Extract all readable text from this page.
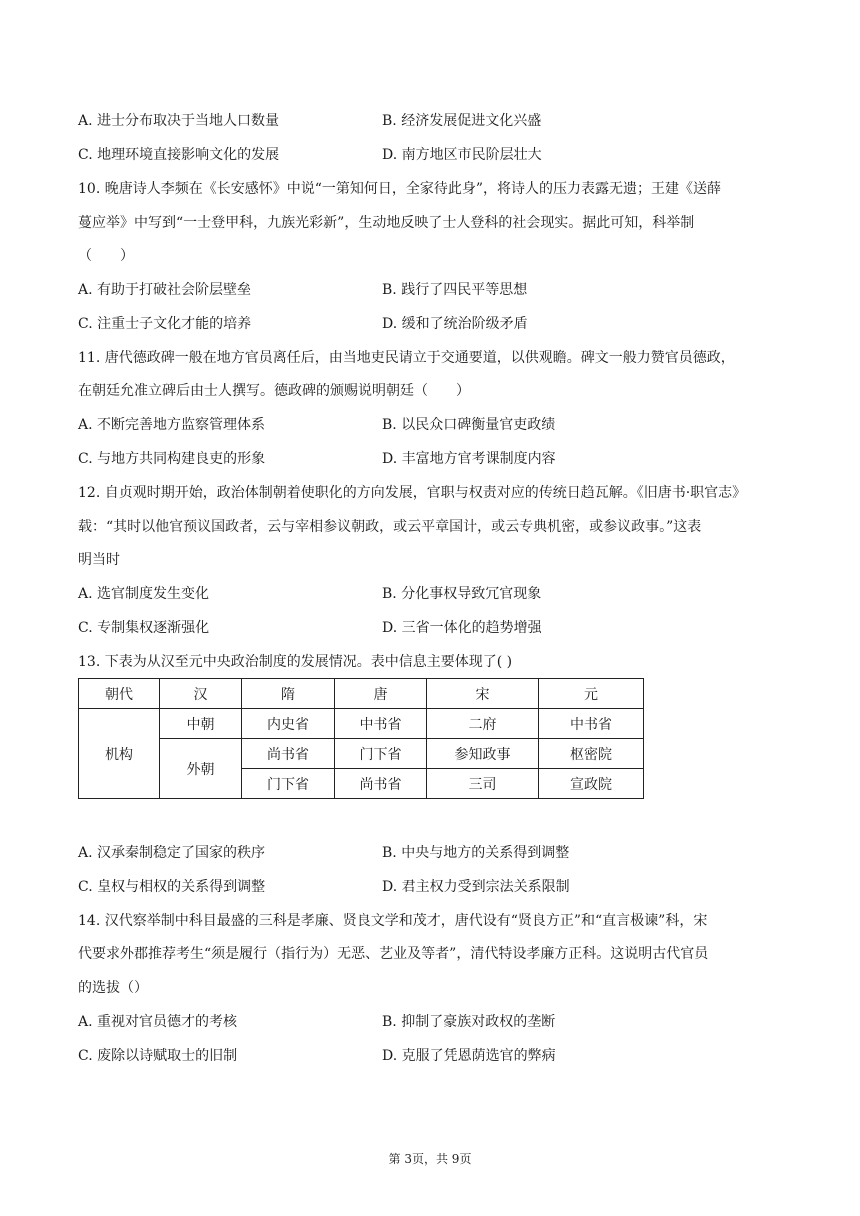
A. 进士分布取决于当地人口数量	B. 经济发展促进文化兴盛
C. 地理环境直接影响文化的发展	D. 南方地区市民阶层壮大
10. 晚唐诗人李频在《长安感怀》中说“一第知何日，全家待此身”，将诗人的压力表露无遗；王建《送薛
蔓应举》中写到“一士登甲科，九族光彩新”，生动地反映了士人登科的社会现实。据此可知，科举制
（　　）
A. 有助于打破社会阶层壁垒	B. 践行了四民平等思想
C. 注重士子文化才能的培养	D. 缓和了统治阶级矛盾
11. 唐代德政碑一般在地方官员离任后，由当地吏民请立于交通要道，以供观瞻。碑文一般力赞官员德政，
在朝廷允准立碑后由士人撰写。德政碑的颁赐说明朝廷（　　）
A. 不断完善地方监察管理体系	B. 以民众口碑衡量官吏政绩
C. 与地方共同构建良吏的形象	D. 丰富地方官考课制度内容
12. 自贞观时期开始，政治体制朝着使职化的方向发展，官职与权责对应的传统日趋瓦解。《旧唐书·职官志》
载：“其时以他官预议国政者，云与宰相参议朝政，或云平章国计，或云专典机密，或参议政事。”这表
明当时
A. 选官制度发生变化	B. 分化事权导致冗官现象
C. 专制集权逐渐强化	D. 三省一体化的趋势增强
13. 下表为从汉至元中央政治制度的发展情况。表中信息主要体现了( )
朝代	汉	隋	唐	宋	元
机构	中朝	内史省	中书省	二府	中书省
	外朝	尚书省	门下省	参知政事	枢密院
		门下省	尚书省	三司	宣政院
A. 汉承秦制稳定了国家的秩序	B. 中央与地方的关系得到调整
C. 皇权与相权的关系得到调整	D. 君主权力受到宗法关系限制
14. 汉代察举制中科目最盛的三科是孝廉、贤良文学和茂才，唐代设有“贤良方正”和“直言极谏”科，宋
代要求外郡推荐考生“须是履行（指行为）无恶、艺业及等者”，清代特设孝廉方正科。这说明古代官员
的选拔（）
A. 重视对官员德才的考核	B. 抑制了豪族对政权的垄断
C. 废除以诗赋取士的旧制	D. 克服了凭恩荫选官的弊病
第 3页，共 9页
